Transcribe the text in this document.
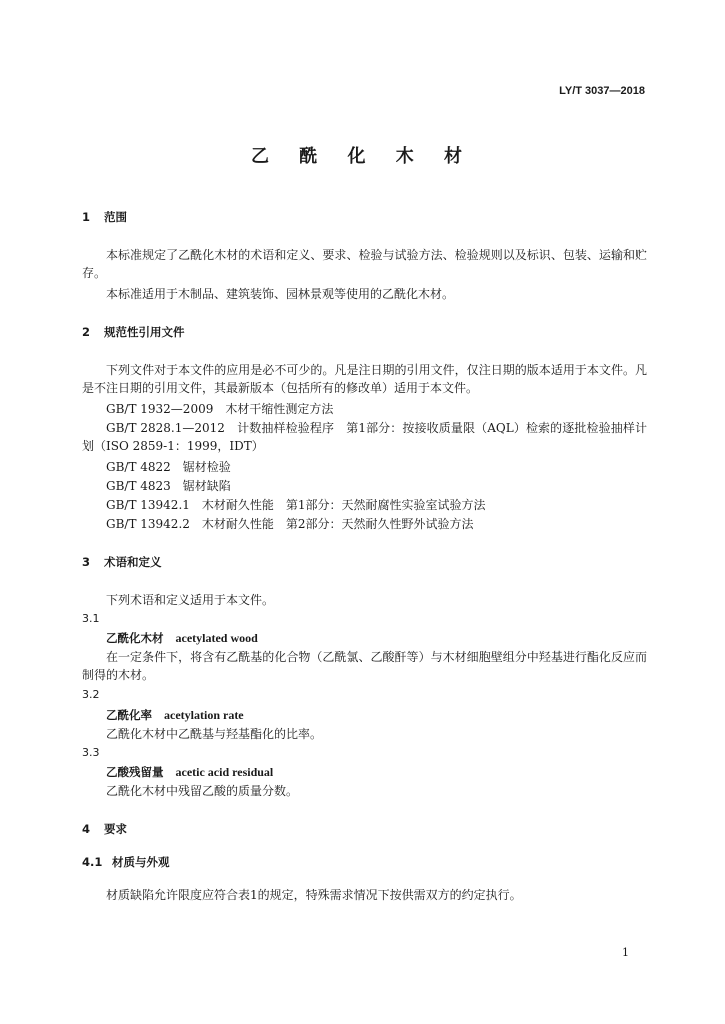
LY/T 3037—2018
乙 酰 化 木 材
1 范围
本标准规定了乙酰化木材的术语和定义、要求、检验与试验方法、检验规则以及标识、包装、运输和贮存。
本标准适用于木制品、建筑装饰、园林景观等使用的乙酰化木材。
2 规范性引用文件
下列文件对于本文件的应用是必不可少的。凡是注日期的引用文件，仅注日期的版本适用于本文件。凡是不注日期的引用文件，其最新版本（包括所有的修改单）适用于本文件。
GB/T 1932—2009　木材干缩性测定方法
GB/T 2828.1—2012　计数抽样检验程序　第1部分：按接收质量限（AQL）检索的逐批检验抽样计划（ISO 2859-1：1999，IDT）
GB/T 4822　锯材检验
GB/T 4823　锯材缺陷
GB/T 13942.1　木材耐久性能　第1部分：天然耐腐性实验室试验方法
GB/T 13942.2　木材耐久性能　第2部分：天然耐久性野外试验方法
3 术语和定义
下列术语和定义适用于本文件。
3.1
乙酰化木材 acetylated wood
在一定条件下，将含有乙酰基的化合物（乙酰氯、乙酸酐等）与木材细胞壁组分中羟基进行酯化反应而制得的木材。
3.2
乙酰化率 acetylation rate
乙酰化木材中乙酰基与羟基酯化的比率。
3.3
乙酸残留量 acetic acid residual
乙酰化木材中残留乙酸的质量分数。
4 要求
4.1 材质与外观
材质缺陷允许限度应符合表1的规定，特殊需求情况下按供需双方的约定执行。
1
